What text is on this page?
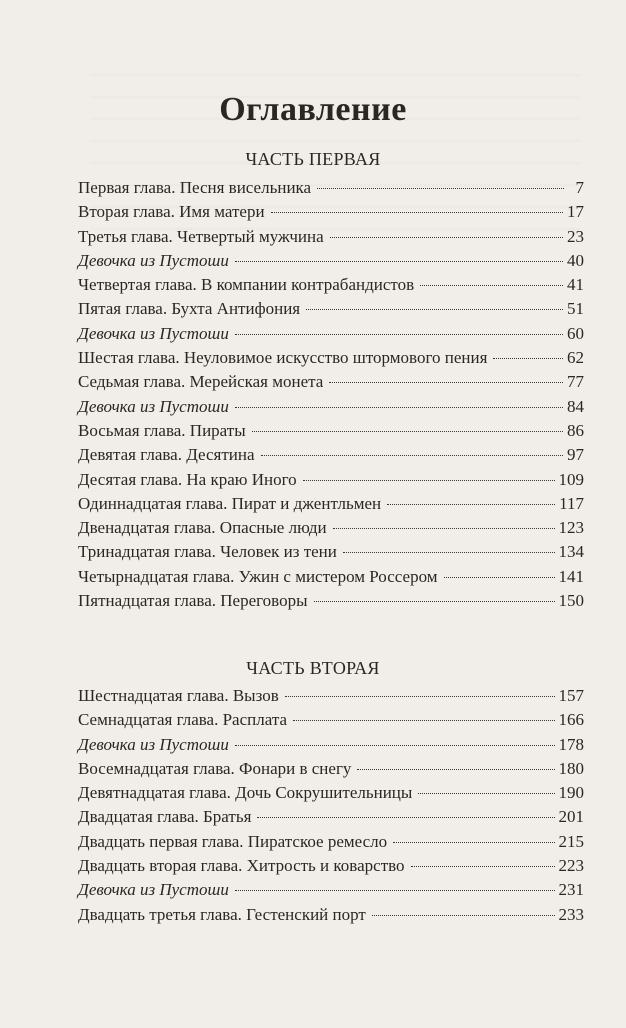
Оглавление
ЧАСТЬ ПЕРВАЯ
Первая глава. Песня висельника	7
Вторая глава. Имя матери	17
Третья глава. Четвертый мужчина	23
Девочка из Пустоши	40
Четвертая глава. В компании контрабандистов	41
Пятая глава. Бухта Антифония	51
Девочка из Пустоши	60
Шестая глава. Неуловимое искусство штормового пения	62
Седьмая глава. Мерейская монета	77
Девочка из Пустоши	84
Восьмая глава. Пираты	86
Девятая глава. Десятина	97
Десятая глава. На краю Иного	109
Одиннадцатая глава. Пират и джентльмен	117
Двенадцатая глава. Опасные люди	123
Тринадцатая глава. Человек из тени	134
Четырнадцатая глава. Ужин с мистером Россером	141
Пятнадцатая глава. Переговоры	150
ЧАСТЬ ВТОРАЯ
Шестнадцатая глава. Вызов	157
Семнадцатая глава. Расплата	166
Девочка из Пустоши	178
Восемнадцатая глава. Фонари в снегу	180
Девятнадцатая глава. Дочь Сокрушительницы	190
Двадцатая глава. Братья	201
Двадцать первая глава. Пиратское ремесло	215
Двадцать вторая глава. Хитрость и коварство	223
Девочка из Пустоши	231
Двадцать третья глава. Гестенский порт	233
